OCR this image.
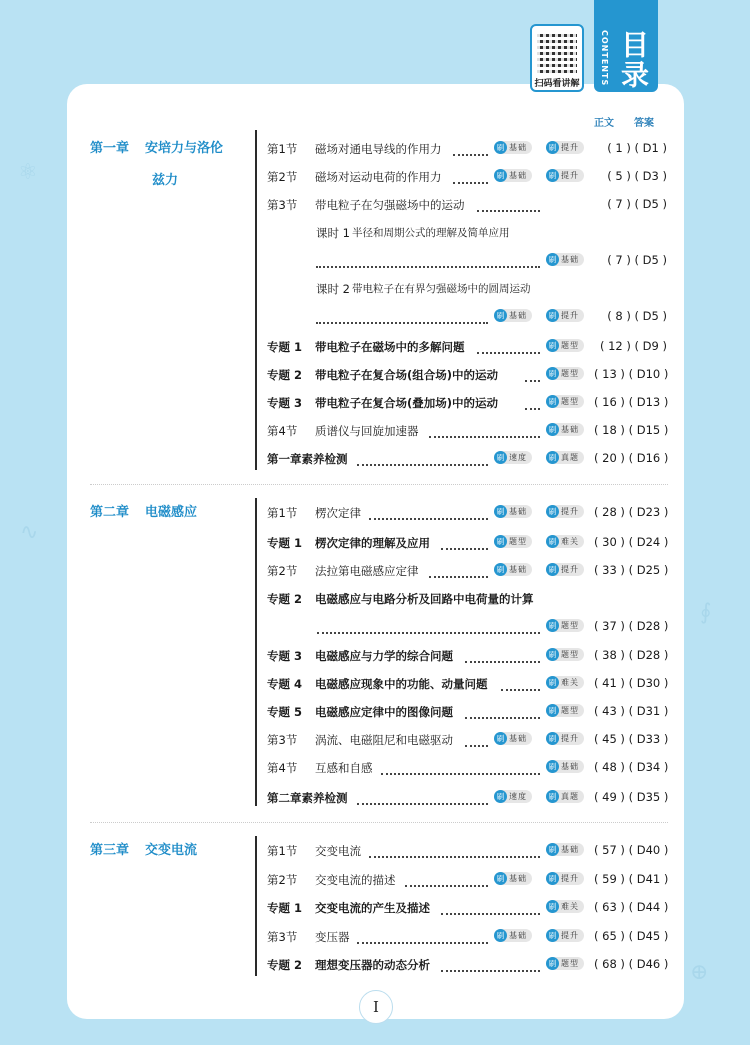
⚛
∿
∮
⊕
扫码看讲解	CONTENTS 目录
正文 答案
第一章 安培力与洛伦
兹力
第二章 电磁感应
第三章 交变电流
第1节 磁场对通电导线的作用力	刷 基础	刷 提升	( 1 ) ( D1 )
第2节 磁场对运动电荷的作用力	刷 基础	刷 提升	( 5 ) ( D3 )
第3节 带电粒子在匀强磁场中的运动	( 7 ) ( D5 )
课时 1 半径和周期公式的理解及简单应用
刷 基础	( 7 ) ( D5 )
课时 2 带电粒子在有界匀强磁场中的圆周运动
刷 基础	刷 提升	( 8 ) ( D5 )
专题 1 带电粒子在磁场中的多解问题	刷 题型	( 12 ) ( D9 )
专题 2 带电粒子在复合场(组合场)中的运动	刷 题型 ( 13 ) ( D10 )
专题 3 带电粒子在复合场(叠加场)中的运动	刷 题型 ( 16 ) ( D13 )
第4节 质谱仪与回旋加速器	刷 基础 ( 18 ) ( D15 )
第一章素养检测	刷 速度	刷 真题 ( 20 ) ( D16 )
第1节 楞次定律	刷 基础	刷 提升 ( 28 ) ( D23 )
专题 1 楞次定律的理解及应用	刷 题型	刷 难关 ( 30 ) ( D24 )
第2节 法拉第电磁感应定律	刷 基础	刷 提升 ( 33 ) ( D25 )
专题 2 电磁感应与电路分析及回路中电荷量的计算
刷 题型 ( 37 ) ( D28 )
专题 3 电磁感应与力学的综合问题	刷 题型 ( 38 ) ( D28 )
专题 4 电磁感应现象中的功能、动量问题	刷 难关 ( 41 ) ( D30 )
专题 5 电磁感应定律中的图像问题	刷 题型 ( 43 ) ( D31 )
第3节 涡流、电磁阻尼和电磁驱动	刷 基础	刷 提升 ( 45 ) ( D33 )
第4节 互感和自感	刷 基础 ( 48 ) ( D34 )
第二章素养检测	刷 速度	刷 真题 ( 49 ) ( D35 )
第1节 交变电流	刷 基础 ( 57 ) ( D40 )
第2节 交变电流的描述	刷 基础	刷 提升 ( 59 ) ( D41 )
专题 1 交变电流的产生及描述	刷 难关 ( 63 ) ( D44 )
第3节 变压器	刷 基础	刷 提升 ( 65 ) ( D45 )
专题 2 理想变压器的动态分析	刷 题型 ( 68 ) ( D46 )
I
